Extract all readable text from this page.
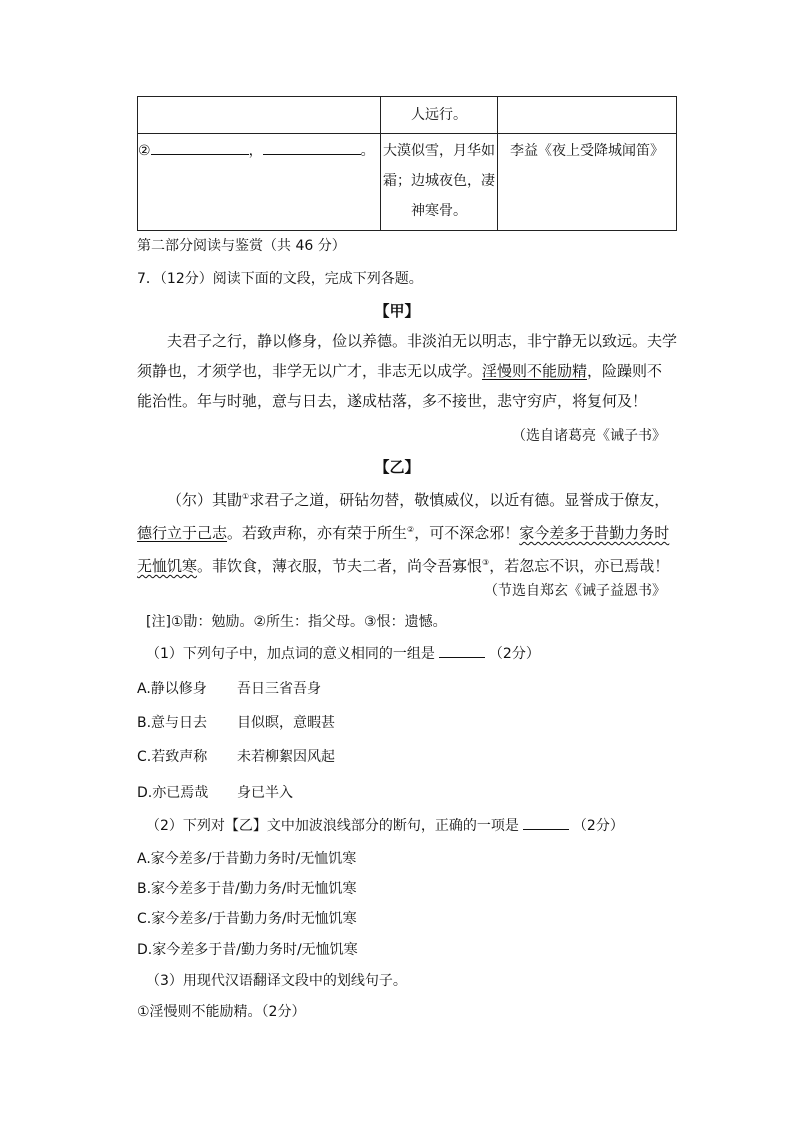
	人远行。	

② ， 。	大漠似雪，月华如
霜；边城夜色，凄
神寒骨。	李益《夜上受降城闻笛》
第二部分阅读与鉴赏（共 46 分）
7．（12分）阅读下面的文段，完成下列各题。
【甲】
夫君子之行，静以修身，俭以养德。非淡泊无以明志，非宁静无以致远。夫学须静也，才须学也，非学无以广才，非志无以成学。淫慢则不能励精，险躁则不能治性。年与时驰，意与日去，遂成枯落，多不接世，悲守穷庐，将复何及！
（选自诸葛亮《诫子书》
【乙】
（尔）其勖①求君子之道，研钻勿替，敬慎威仪，以近有德。显誉成于僚友，德行立于己志。若致声称，亦有荣于所生②，可不深念邪！家今差多于昔勤力务时无恤饥寒。菲饮食，薄衣服，节夫二者，尚令吾寡恨③，若忽忘不识，亦已焉哉！
（节选自郑玄《诫子益恩书》
[注]①勖：勉励。②所生：指父母。③恨：遗憾。
（1）下列句子中，加点词的意义相同的一组是	（2分）
A.静以修身 吾日三省吾身
B.意与日去 目似瞑，意暇甚
C.若致声称 未若柳絮因风起
D.亦已焉哉 身已半入
（2）下列对【乙】文中加波浪线部分的断句，正确的一项是	（2分）
A.家今差多/于昔勤力务时/无恤饥寒
B.家今差多于昔/勤力务/时无恤饥寒
C.家今差多/于昔勤力务/时无恤饥寒
D.家今差多于昔/勤力务时/无恤饥寒
（3）用现代汉语翻译文段中的划线句子。
①淫慢则不能励精。（2分）
